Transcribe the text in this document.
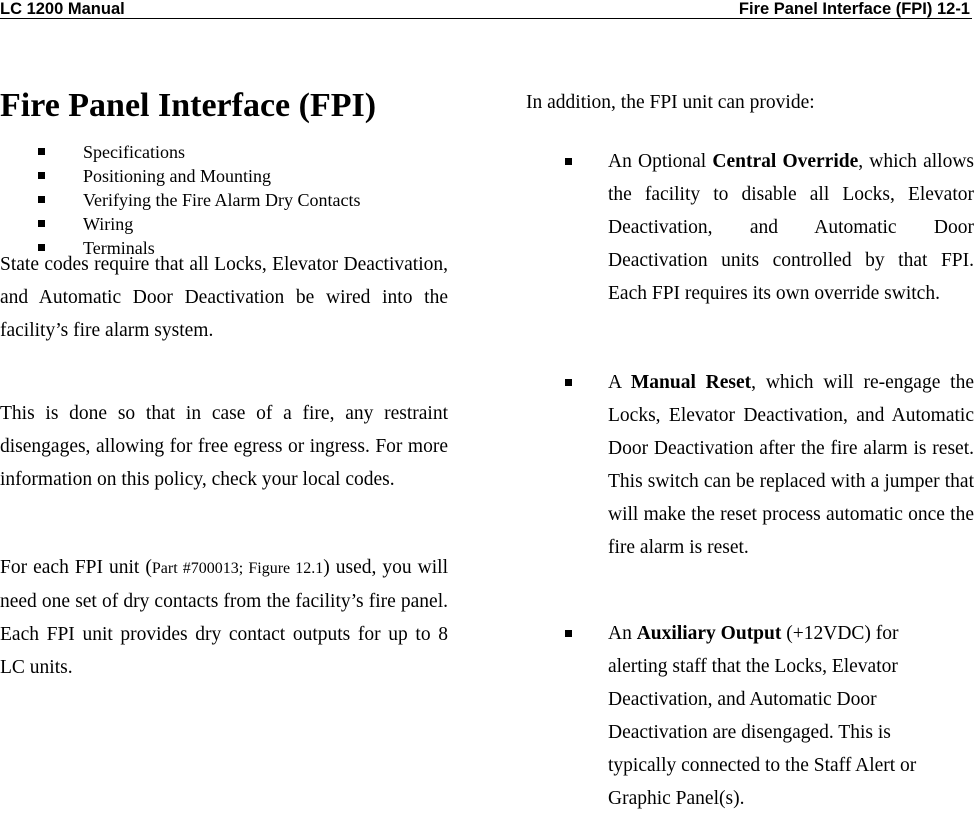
LC 1200 Manual	Fire Panel Interface (FPI) 12-1
Fire Panel Interface (FPI)
Specifications
Positioning and Mounting
Verifying the Fire Alarm Dry Contacts
Wiring
Terminals

State codes require that all Locks, Elevator Deactivation, and Automatic Door Deactivation be wired into the facility’s fire alarm system.

This is done so that in case of a fire, any restraint disengages, allowing for free egress or ingress. For more information on this policy, check your local codes.

For each FPI unit (Part #700013; Figure 12.1) used, you will need one set of dry contacts from the facility’s fire panel. Each FPI unit provides dry contact outputs for up to 8 LC units.

In addition, the FPI unit can provide:

An Optional Central Override, which allows the facility to disable all Locks, Elevator Deactivation, and Automatic Door Deactivation units controlled by that FPI. Each FPI requires its own override switch.

A Manual Reset, which will re-engage the Locks, Elevator Deactivation, and Automatic Door Deactivation after the fire alarm is reset. This switch can be replaced with a jumper that will make the reset process automatic once the fire alarm is reset.

An Auxiliary Output (+12VDC) for
alerting staff that the Locks, Elevator
Deactivation, and Automatic Door
Deactivation are disengaged. This is
typically connected to the Staff Alert or
Graphic Panel(s).
